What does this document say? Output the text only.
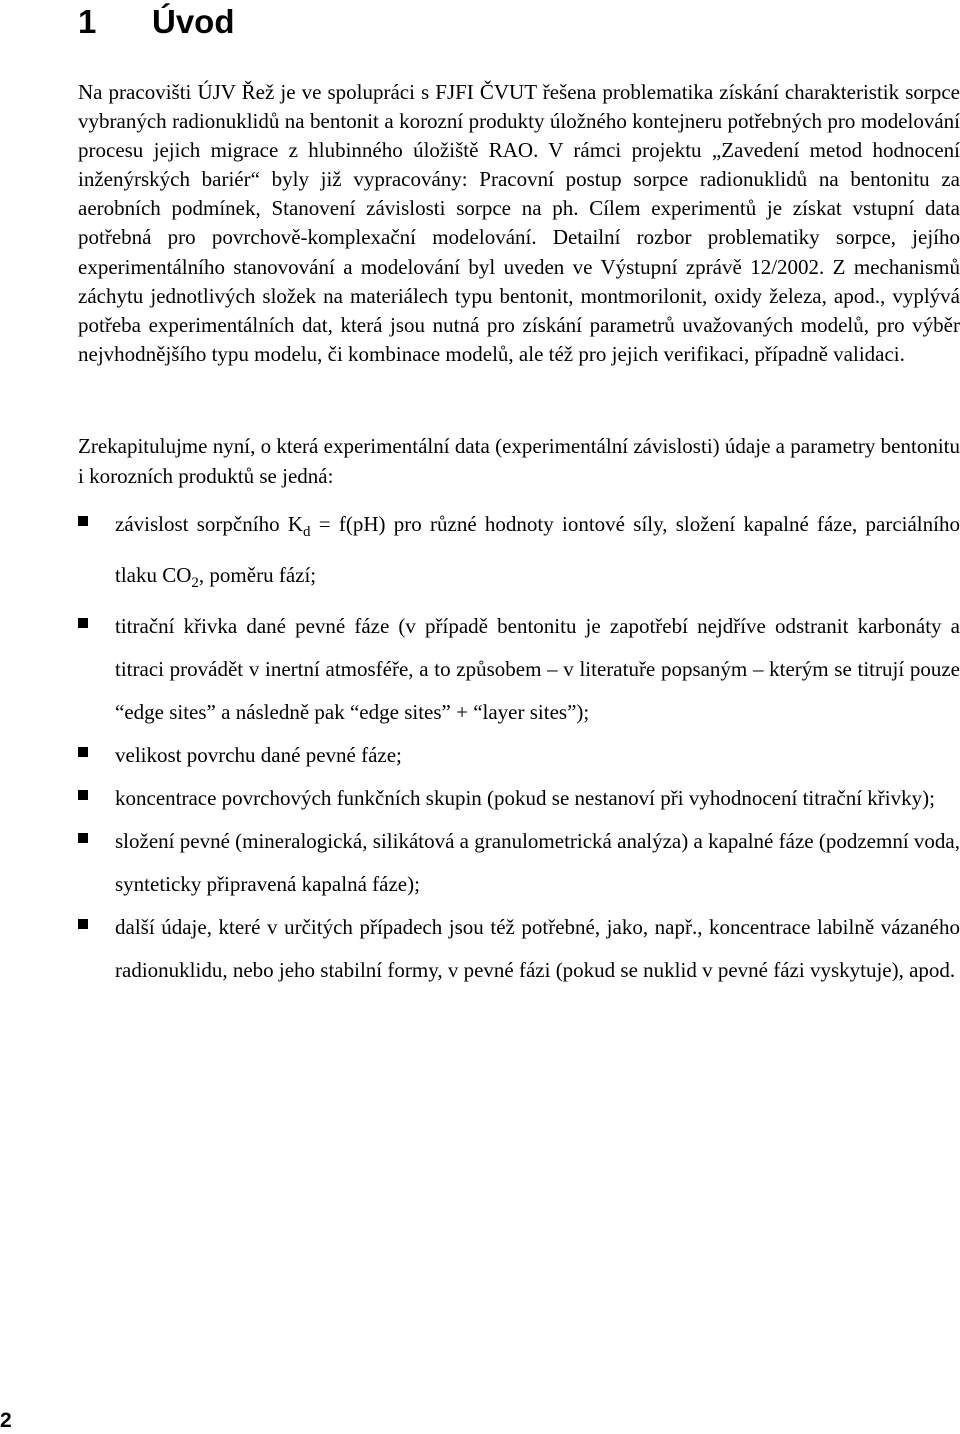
1 Úvod

Na pracovišti ÚJV Řež je ve spolupráci s FJFI ČVUT řešena problematika získání charakteristik sorpce vybraných radionuklidů na bentonit a korozní produkty úložného kontejneru potřebných pro modelování procesu jejich migrace z hlubinného úložiště RAO. V rámci projektu „Zavedení metod hodnocení inženýrských bariér“ byly již vypracovány: Pracovní postup sorpce radionuklidů na bentonitu za aerobních podmínek, Stanovení závislosti sorpce na ph. Cílem experimentů je získat vstupní data potřebná pro povrchově-komplexační modelování. Detailní rozbor problematiky sorpce, jejího experimentálního stanovování a modelování byl uveden ve Výstupní zprávě 12/2002. Z mechanismů záchytu jednotlivých složek na materiálech typu bentonit, montmorilonit, oxidy železa, apod., vyplývá potřeba experimentálních dat, která jsou nutná pro získání parametrů uvažovaných modelů, pro výběr nejvhodnějšího typu modelu, či kombinace modelů, ale též pro jejich verifikaci, případně validaci.

Zrekapitulujme nyní, o která experimentální data (experimentální závislosti) údaje a parametry bentonitu i korozních produktů se jedná:

závislost sorpčního $K_d = f(pH)$ pro různé hodnoty iontové síly, složení kapalné fáze, parciálního tlaku $CO_2$, poměru fází;
titrační křivka dané pevné fáze (v případě bentonitu je zapotřebí nejdříve odstranit karbonáty a titraci provádět v inertní atmosféře, a to způsobem – v literatuře popsaným – kterým se titrují pouze “edge sites” a následně pak “edge sites” + “layer sites”);
velikost povrchu dané pevné fáze;
koncentrace povrchových funkčních skupin (pokud se nestanoví při vyhodnocení titrační křivky);
složení pevné (mineralogická, silikátová a granulometrická analýza) a kapalné fáze (podzemní voda, synteticky připravená kapalná fáze);
další údaje, které v určitých případech jsou též potřebné, jako, např., koncentrace labilně vázaného radionuklidu, nebo jeho stabilní formy, v pevné fázi (pokud se nuklid v pevné fázi vyskytuje), apod.
2
